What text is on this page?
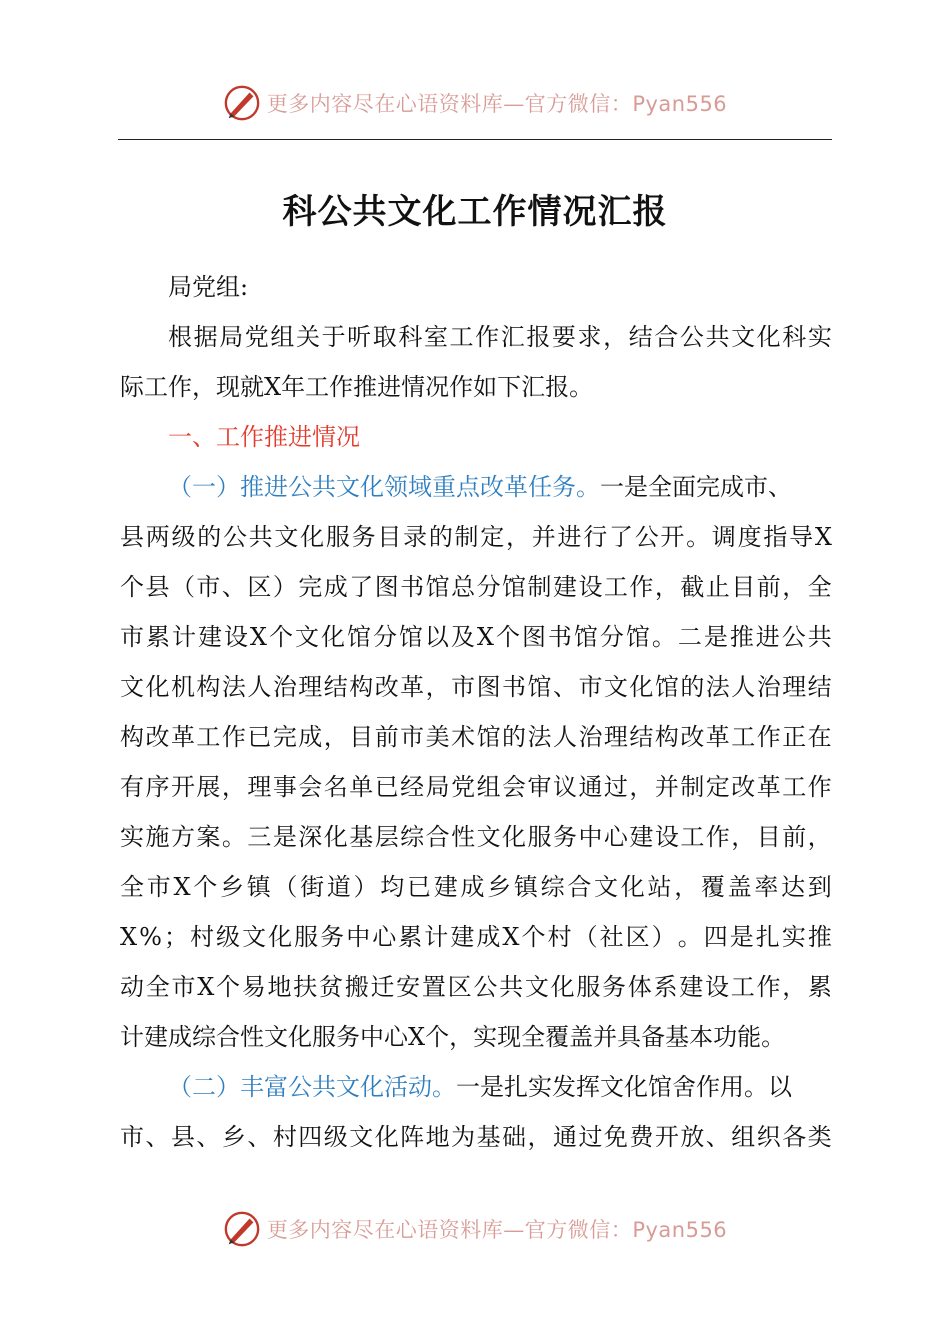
更多内容尽在心语资料库—官方微信：Pyan556
科公共文化工作情况汇报
局党组:
根 据 局 党 组 关 于 听 取 科 室 工 作 汇 报 要 求 ， 结 合 公 共 文 化 科 实
际工作，现就X年工作推进情况作如下汇报。
一、工作推进情况
（一）推进公共文化领域重点改革任务。 一是全面完成市、
县 两 级 的 公 共 文 化 服 务 目 录 的 制 定 ， 并 进 行 了 公 开 。 调 度 指 导 X
个 县 （ 市 、 区 ） 完 成 了 图 书 馆 总 分 馆 制 建 设 工 作 ， 截 止 目 前 ， 全
市 累 计 建 设 X 个 文 化 馆 分 馆 以 及 X 个 图 书 馆 分 馆 。 二 是 推 进 公 共
文 化 机 构 法 人 治 理 结 构 改 革 ， 市 图 书 馆 、 市 文 化 馆 的 法 人 治 理 结
构 改 革 工 作 已 完 成 ， 目 前 市 美 术 馆 的 法 人 治 理 结 构 改 革 工 作 正 在
有 序 开 展 ， 理 事 会 名 单 已 经 局 党 组 会 审 议 通 过 ， 并 制 定 改 革 工 作
实 施 方 案 。 三 是 深 化 基 层 综 合 性 文 化 服 务 中 心 建 设 工 作 ， 目 前 ，
全 市 X 个 乡 镇 （ 街 道 ） 均 已 建 成 乡 镇 综 合 文 化 站 ， 覆 盖 率 达 到
X % ； 村 级 文 化 服 务 中 心 累 计 建 成 X 个 村 （ 社 区 ） 。 四 是 扎 实 推
动 全 市 X 个 易 地 扶 贫 搬 迁 安 置 区 公 共 文 化 服 务 体 系 建 设 工 作 ， 累
计建成综合性文化服务中心X个，实现全覆盖并具备基本功能。
（二）丰富公共文化活动。 一是扎实发挥文化馆舍作用。以
市 、 县 、 乡 、 村 四 级 文 化 阵 地 为 基 础 ， 通 过 免 费 开 放 、 组 织 各 类
更多内容尽在心语资料库—官方微信：Pyan556
